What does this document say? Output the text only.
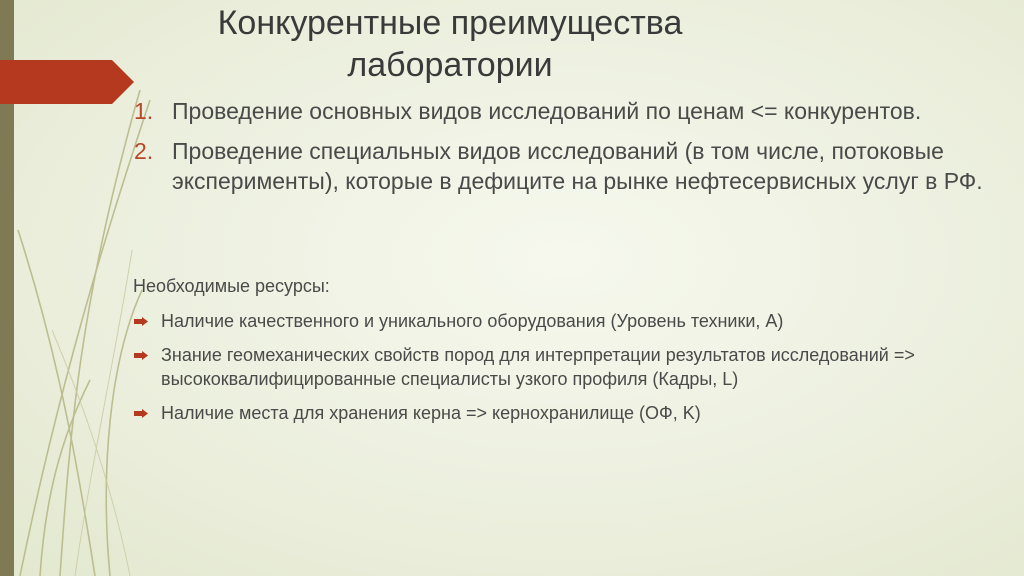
Конкурентные преимущества
лаборатории
1. Проведение основных видов исследований по ценам <= конкурентов.
2. Проведение специальных видов исследований (в том числе, потоковые эксперименты), которые в дефиците на рынке нефтесервисных услуг в РФ.
Необходимые ресурсы:
Наличие качественного и уникального оборудования (Уровень техники, A)
Знание геомеханических свойств пород для интерпретации результатов исследований => высококвалифицированные специалисты узкого профиля (Кадры, L)
Наличие места для хранения керна => кернохранилище (ОФ, K)
